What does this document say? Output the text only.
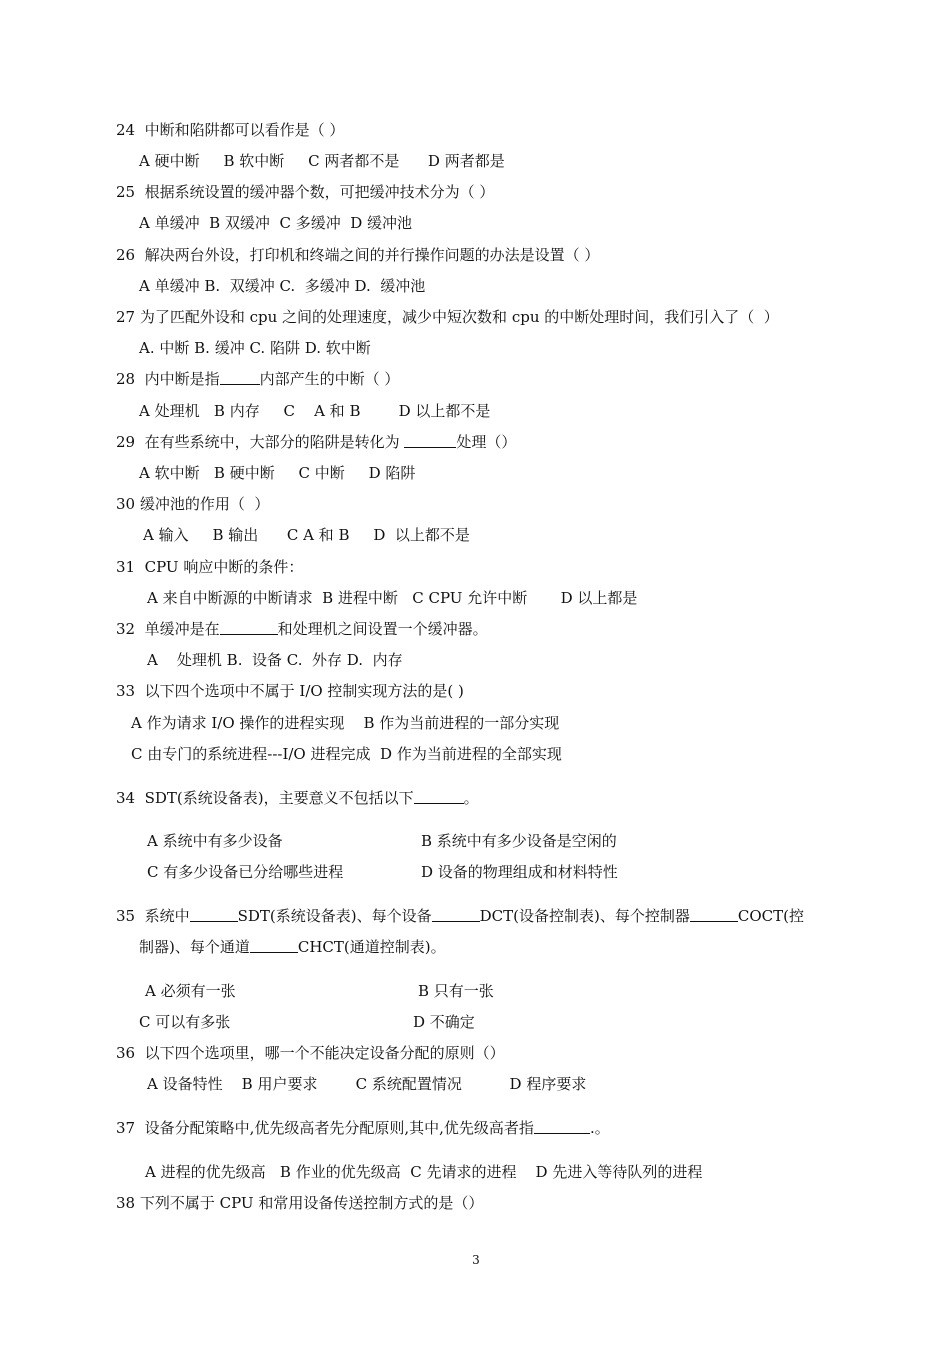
24  中断和陷阱都可以看作是（ ）
A 硬中断     B 软中断     C 两者都不是      D 两者都是
25  根据系统设置的缓冲器个数，可把缓冲技术分为（ ）
A 单缓冲  B 双缓冲  C 多缓冲  D 缓冲池
26  解决两台外设，打印机和终端之间的并行操作问题的办法是设置（ ）
A 单缓冲 B.  双缓冲 C.  多缓冲 D.  缓冲池
27 为了匹配外设和 cpu 之间的处理速度，减少中短次数和 cpu 的中断处理时间，我们引入了（  ）
A. 中断 B. 缓冲 C. 陷阱 D. 软中断
28  内中断是指	内部产生的中断（ ）
A 处理机   B 内存     C    A 和 B        D 以上都不是
29  在有些系统中，大部分的陷阱是转化为	处理（）
A 软中断   B 硬中断     C 中断     D 陷阱
30 缓冲池的作用（  ）
A 输入     B 输出      C A 和 B     D  以上都不是
31  CPU 响应中断的条件：
A 来自中断源的中断请求  B 进程中断   C CPU 允许中断       D 以上都是
32  单缓冲是在	和处理机之间设置一个缓冲器。
A    处理机 B.  设备 C.  外存 D.  内存
33  以下四个选项中不属于 I/O 控制实现方法的是( )
A 作为请求 I/O 操作的进程实现    B 作为当前进程的一部分实现
C 由专门的系统进程---I/O 进程完成  D 作为当前进程的全部实现
34  SDT(系统设备表)，主要意义不包括以下	。
A 系统中有多少设备	B 系统中有多少设备是空闲的
C 有多少设备已分给哪些进程	D 设备的物理组成和材料特性
35  系统中	SDT(系统设备表)、每个设备	DCT(设备控制表)、每个控制器	COCT(控
制器)、每个通道	CHCT(通道控制表)。
A 必须有一张	B 只有一张
C 可以有多张	D 不确定
36  以下四个选项里，哪一个不能决定设备分配的原则（）
A 设备特性    B 用户要求        C 系统配置情况          D 程序要求
37  设备分配策略中,优先级高者先分配原则,其中,优先级高者指	.。
A 进程的优先级高   B 作业的优先级高  C 先请求的进程    D 先进入等待队列的进程
38 下列不属于 CPU 和常用设备传送控制方式的是（）
3
